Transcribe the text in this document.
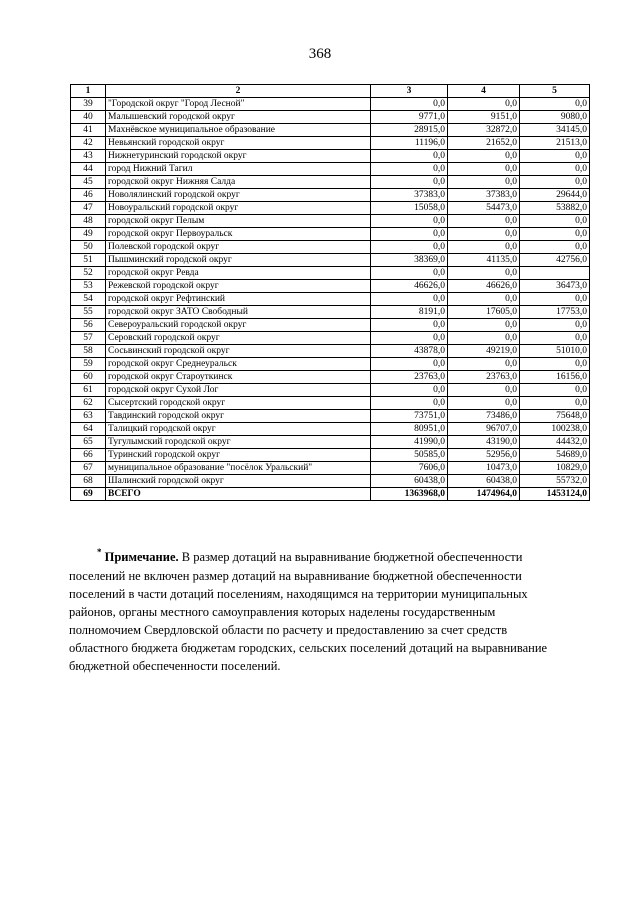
368
1	2	3	4	5
39	"Городской округ "Город Лесной"	0,0	0,0	0,0
40	Малышевский городской округ	9771,0	9151,0	9080,0
41	Махнёвское муниципальное образование	28915,0	32872,0	34145,0
42	Невьянский городской округ	11196,0	21652,0	21513,0
43	Нижнетуринский городской округ	0,0	0,0	0,0
44	город Нижний Тагил	0,0	0,0	0,0
45	городской округ Нижняя Салда	0,0	0,0	0,0
46	Новолялинский городской округ	37383,0	37383,0	29644,0
47	Новоуральский городской округ	15058,0	54473,0	53882,0
48	городской округ Пелым	0,0	0,0	0,0
49	городской округ Первоуральск	0,0	0,0	0,0
50	Полевской городской округ	0,0	0,0	0,0
51	Пышминский городской округ	38369,0	41135,0	42756,0
52	городской округ Ревда	0,0	0,0	
53	Режевской городской округ	46626,0	46626,0	36473,0
54	городской округ Рефтинский	0,0	0,0	0,0
55	городской округ ЗАТО Свободный	8191,0	17605,0	17753,0
56	Североуральский городской округ	0,0	0,0	0,0
57	Серовский городской округ	0,0	0,0	0,0
58	Сосьвинский городской округ	43878,0	49219,0	51010,0
59	городской округ Среднеуральск	0,0	0,0	0,0
60	городской округ Староуткинск	23763,0	23763,0	16156,0
61	городской округ Сухой Лог	0,0	0,0	0,0
62	Сысертский городской округ	0,0	0,0	0,0
63	Тавдинский городской округ	73751,0	73486,0	75648,0
64	Талицкий городской округ	80951,0	96707,0	100238,0
65	Тугулымский городской округ	41990,0	43190,0	44432,0
66	Туринский городской округ	50585,0	52956,0	54689,0
67	муниципальное образование "посёлок Уральский"	7606,0	10473,0	10829,0
68	Шалинский городской округ	60438,0	60438,0	55732,0
69	ВСЕГО	1363968,0	1474964,0	1453124,0
* Примечание. В размер дотаций на выравнивание бюджетной обеспеченности поселений не включен размер дотаций на выравнивание бюджетной обеспеченности поселений в части дотаций поселениям, находящимся на территории муниципальных районов, органы местного самоуправления которых наделены государственным полномочием Свердловской области по расчету и предоставлению за счет средств областного бюджета бюджетам городских, сельских поселений дотаций на выравнивание бюджетной обеспеченности поселений.
